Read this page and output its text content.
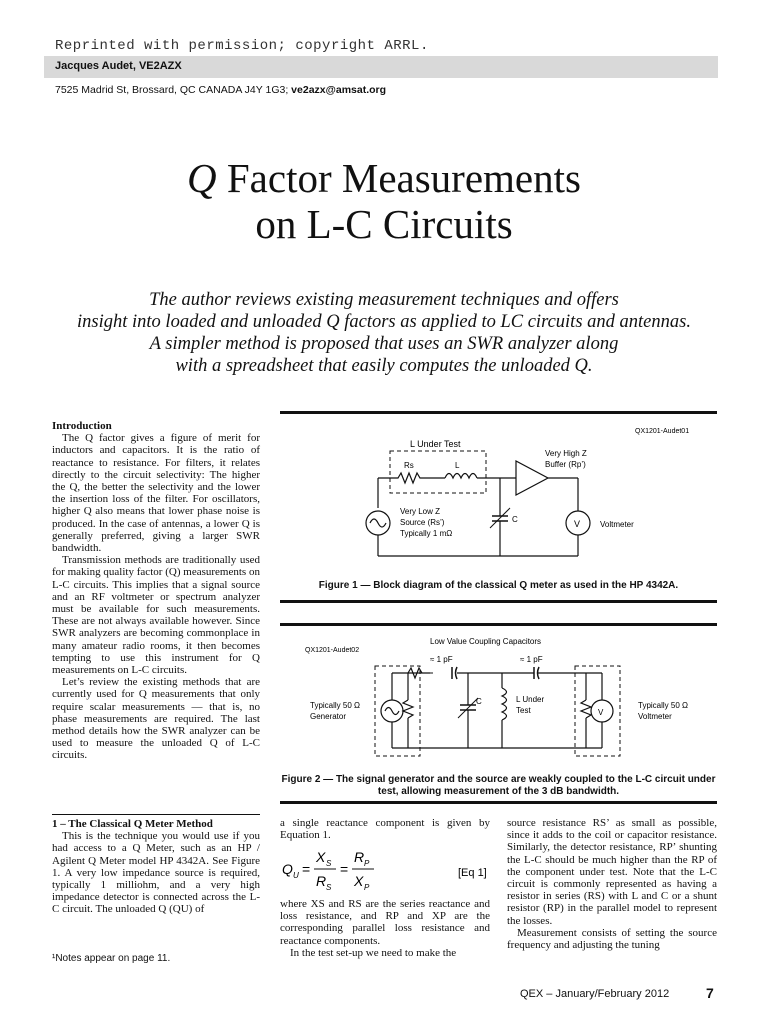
Reprinted with permission; copyright ARRL.
Jacques Audet, VE2AZX
7525 Madrid St, Brossard, QC CANADA J4Y 1G3; ve2azx@amsat.org
Q Factor Measurements
on L-C Circuits
The author reviews existing measurement techniques and offers
insight into loaded and unloaded Q factors as applied to LC circuits and antennas.
A simpler method is proposed that uses an SWR analyzer along
with a spreadsheet that easily computes the unloaded Q.

Introduction

The Q factor gives a figure of merit for inductors and capacitors. It is the ratio of reactance to resistance. For filters, it relates directly to the circuit selectivity: The higher the Q, the better the selectivity and the lower the insertion loss of the filter. For oscillators, higher Q also means that lower phase noise is produced. In the case of antennas, a lower Q is generally preferred, giving a larger SWR bandwidth.

Transmission methods are traditionally used for making quality factor (Q) measurements on L-C circuits. This implies that a signal source and an RF voltmeter or spectrum analyzer must be available for such measurements. These are not always available however. Since SWR analyzers are becoming commonplace in many amateur radio rooms, it then becomes tempting to use this instrument for Q measurements on L-C circuits.

Let’s review the existing methods that are currently used for Q measurements that only require scalar measurements — that is, no phase measurements are required. The last method details how the SWR analyzer can be used to measure the unloaded Q of L-C circuits.

1 – The Classical Q Meter Method

This is the technique you would use if you had access to a Q Meter, such as an HP / Agilent Q Meter model HP 4342A. See Figure 1. A very low impedance source is required, typically 1 milliohm, and a very high impedance detector is connected across the L-C circuit. The unloaded Q (QU) of

¹Notes appear on page 11.
QX1201-Audet01
L Under Test
Rs	L
Very Low Z
Source (Rs’)
Typically 1 mΩ
C
Very High Z
Buffer (Rp’)
V Voltmeter
Figure 1 — Block diagram of the classical Q meter as used in the HP 4342A.
Low Value Coupling Capacitors
QX1201-Audet02
≈ 1 pF	≈ 1 pF
Typically 50 Ω
Generator
C	L Under
Test	V
Typically 50 Ω
Voltmeter
Figure 2 — The signal generator and the source are weakly coupled to the L-C circuit under
test, allowing measurement of the 3 dB bandwidth.

a single reactance component is given by Equation 1.

Q U =
X S
R S
=
R P
X P
[Eq 1]

where XS and RS are the series reactance and loss resistance, and RP and XP are the corresponding parallel loss resistance and reactance components.

In the test set-up we need to make the

source resistance RS’ as small as possible, since it adds to the coil or capacitor resistance. Similarly, the detector resistance, RP’ shunting the L-C should be much higher than the RP of the component under test. Note that the L-C circuit is commonly represented as having a resistor in series (RS) with L and C or a shunt resistor (RP) in the parallel model to represent the losses.

Measurement consists of setting the source frequency and adjusting the tuning

QEX – January/February 2012	7
